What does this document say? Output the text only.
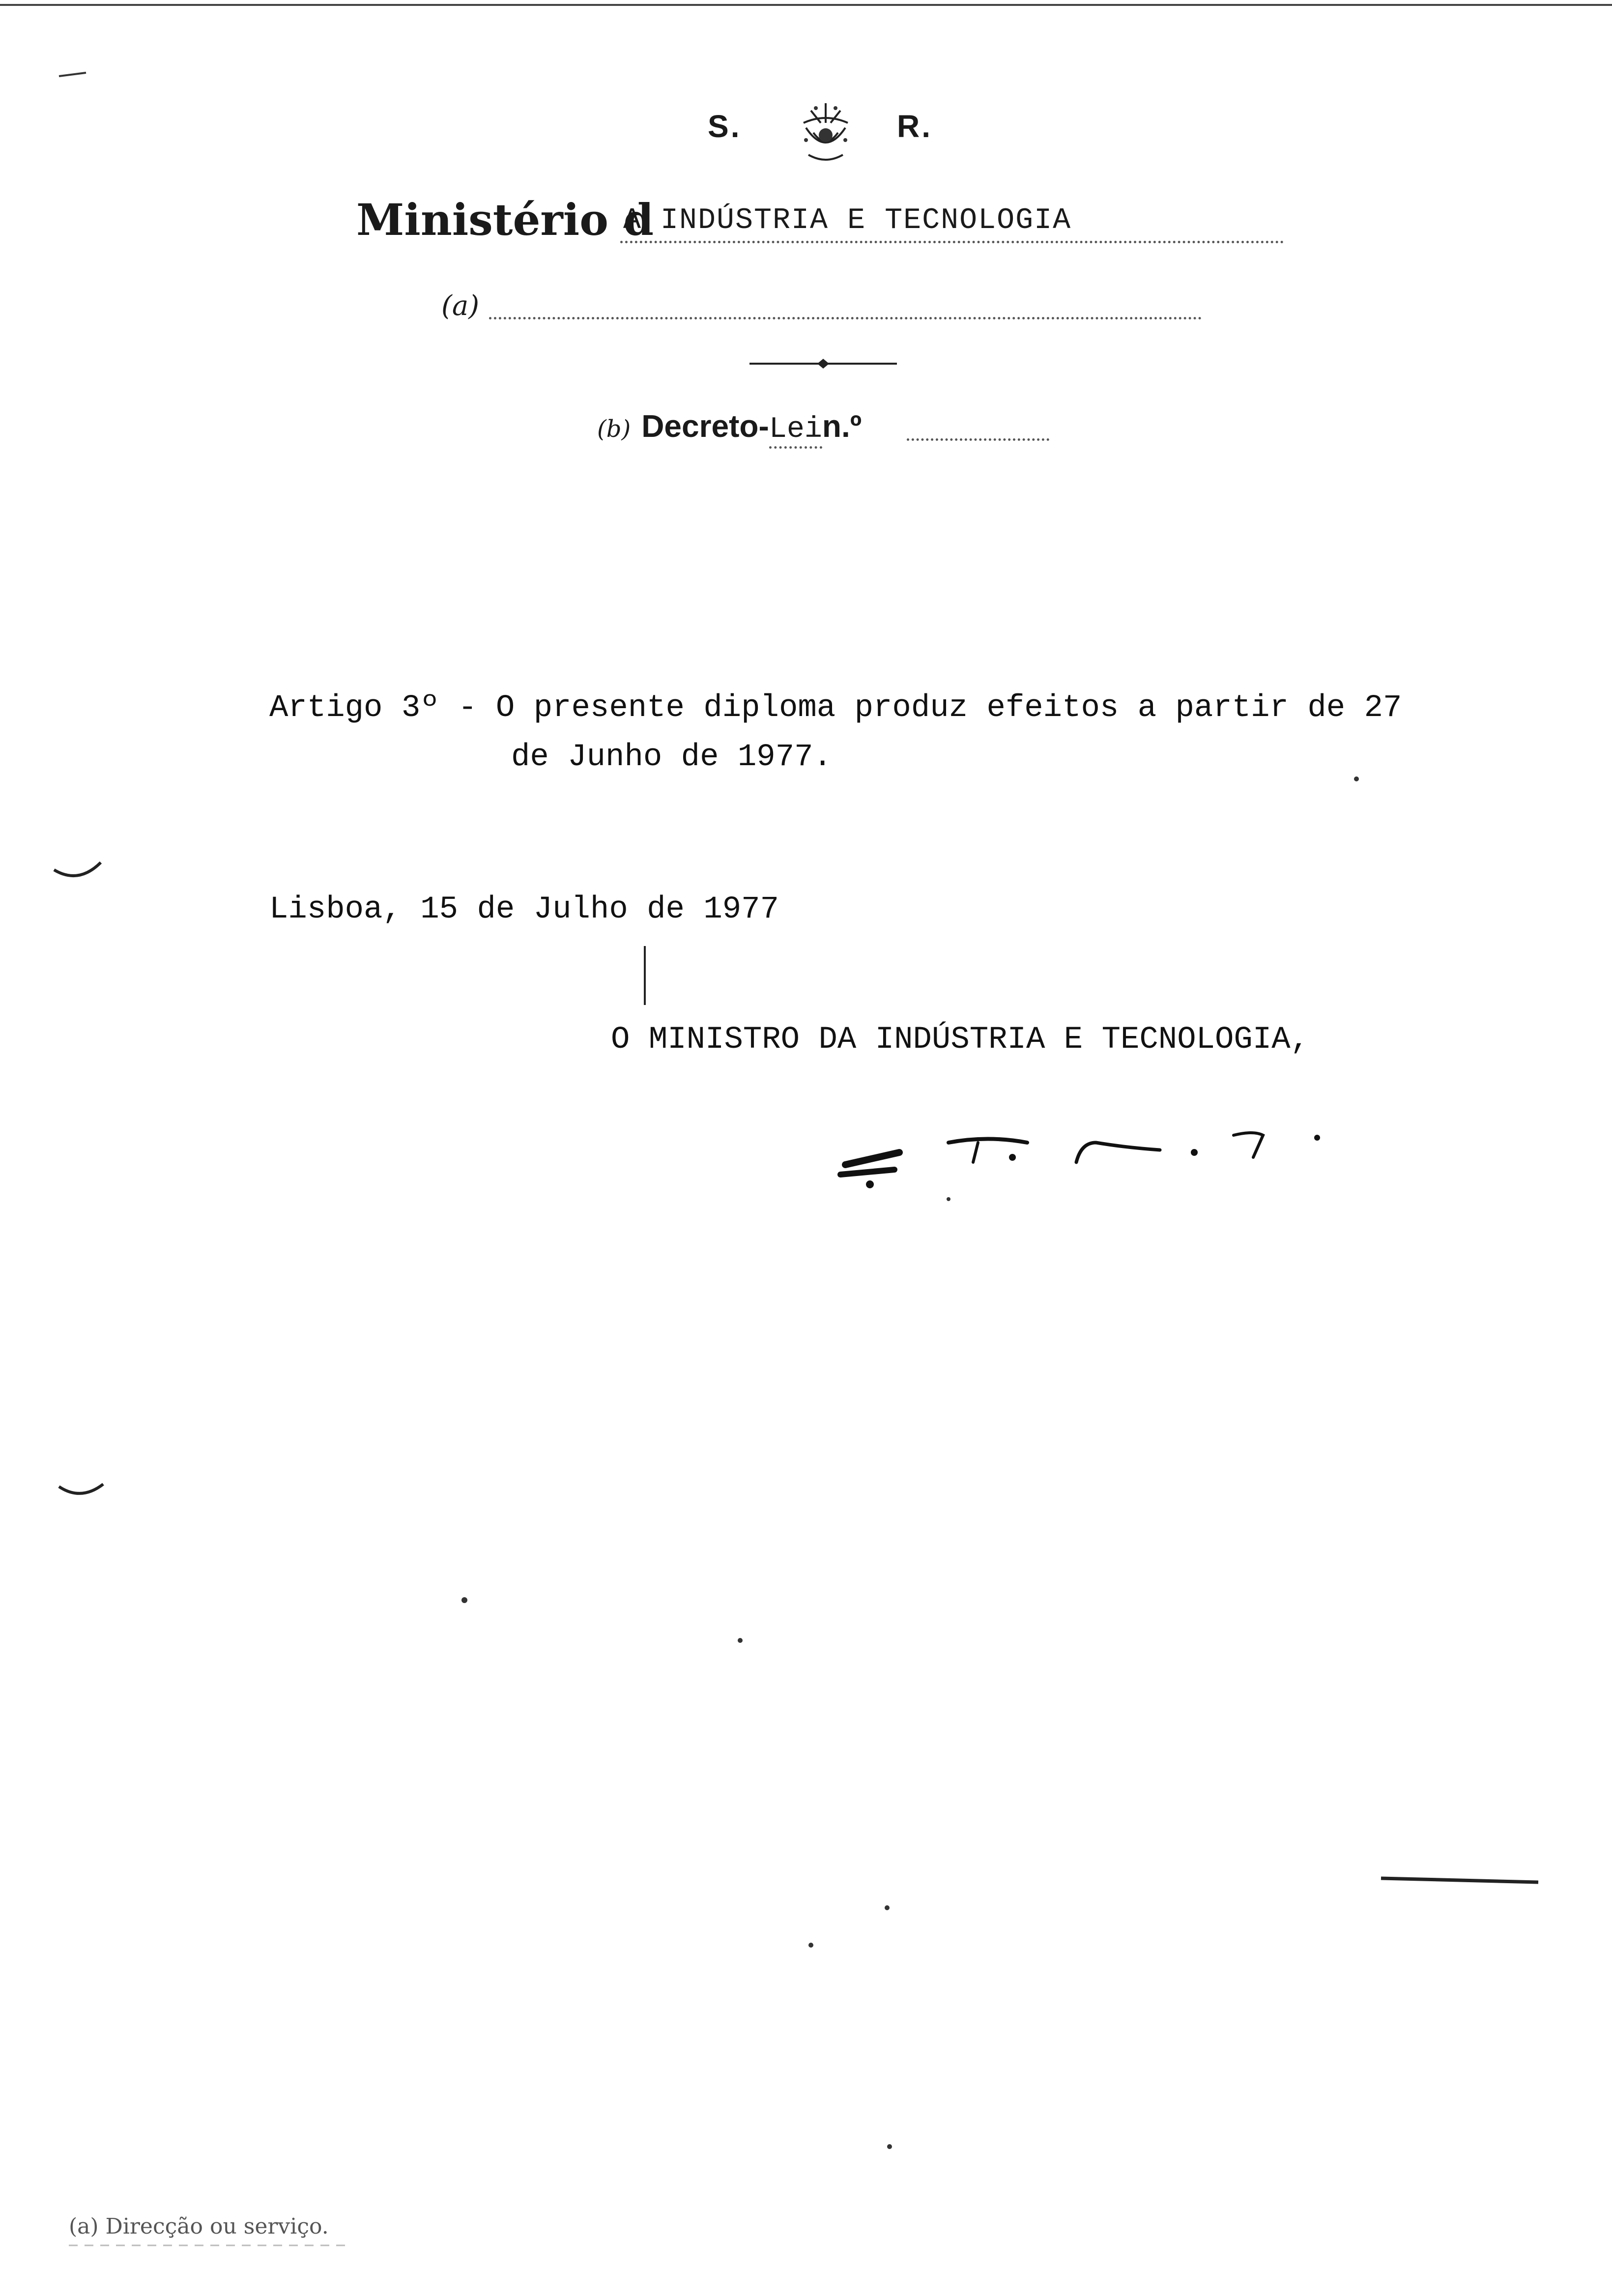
S.	R.
Ministério d
A INDÚSTRIA E TECNOLOGIA
(a)
(b) Decreto-Lein.º
Artigo 3º - O presente diploma produz efeitos a partir de 27
de Junho de 1977.
Lisboa, 15 de Julho de 1977
O MINISTRO DA INDÚSTRIA E TECNOLOGIA,
(a) Direcção ou serviço.
